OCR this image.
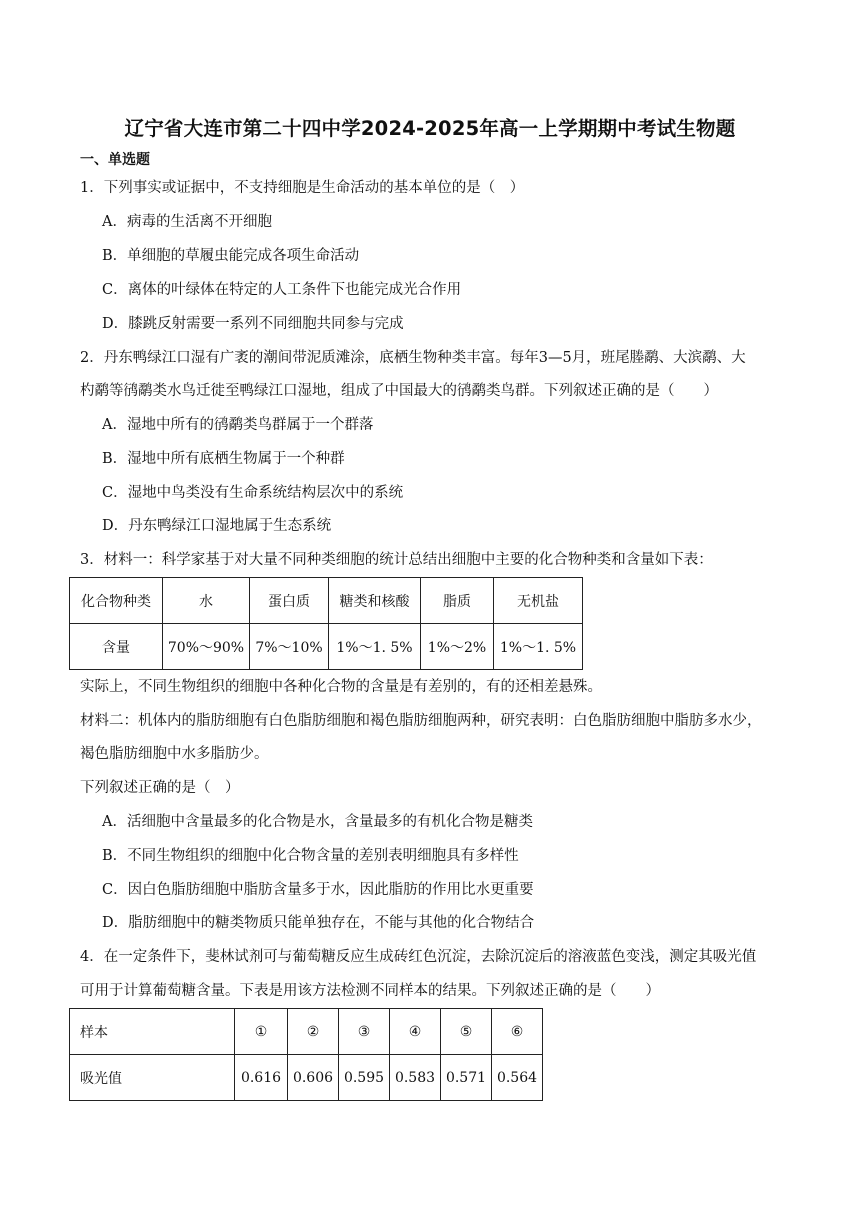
辽宁省大连市第二十四中学2024-2025年高一上学期期中考试生物题
一、单选题
1．下列事实或证据中，不支持细胞是生命活动的基本单位的是（　）
A．病毒的生活离不开细胞
B．单细胞的草履虫能完成各项生命活动
C．离体的叶绿体在特定的人工条件下也能完成光合作用
D．膝跳反射需要一系列不同细胞共同参与完成
2．丹东鸭绿江口湿有广袤的潮间带泥质滩涂，底栖生物种类丰富。每年3—5月，班尾塍鹬、大滨鹬、大
杓鹬等鸻鹬类水鸟迁徙至鸭绿江口湿地，组成了中国最大的鸻鹬类鸟群。下列叙述正确的是（　　）
A．湿地中所有的鸻鹬类鸟群属于一个群落
B．湿地中所有底栖生物属于一个种群
C．湿地中鸟类没有生命系统结构层次中的系统
D．丹东鸭绿江口湿地属于生态系统
3．材料一：科学家基于对大量不同种类细胞的统计总结出细胞中主要的化合物种类和含量如下表：
化合物种类	水	蛋白质	糖类和核酸	脂质	无机盐
含量	70%～90%	7%～10%	1%～1. 5%	1%～2%	1%～1. 5%
实际上，不同生物组织的细胞中各种化合物的含量是有差别的，有的还相差悬殊。
材料二：机体内的脂肪细胞有白色脂肪细胞和褐色脂肪细胞两种，研究表明：白色脂肪细胞中脂肪多水少，
褐色脂肪细胞中水多脂肪少。
下列叙述正确的是（　）
A．活细胞中含量最多的化合物是水，含量最多的有机化合物是糖类
B．不同生物组织的细胞中化合物含量的差别表明细胞具有多样性
C．因白色脂肪细胞中脂肪含量多于水，因此脂肪的作用比水更重要
D．脂肪细胞中的糖类物质只能单独存在，不能与其他的化合物结合
4．在一定条件下，斐林试剂可与葡萄糖反应生成砖红色沉淀，去除沉淀后的溶液蓝色变浅，测定其吸光值
可用于计算葡萄糖含量。下表是用该方法检测不同样本的结果。下列叙述正确的是（　　）
样本	①	②	③	④	⑤	⑥
吸光值	0.616	0.606	0.595	0.583	0.571	0.564
